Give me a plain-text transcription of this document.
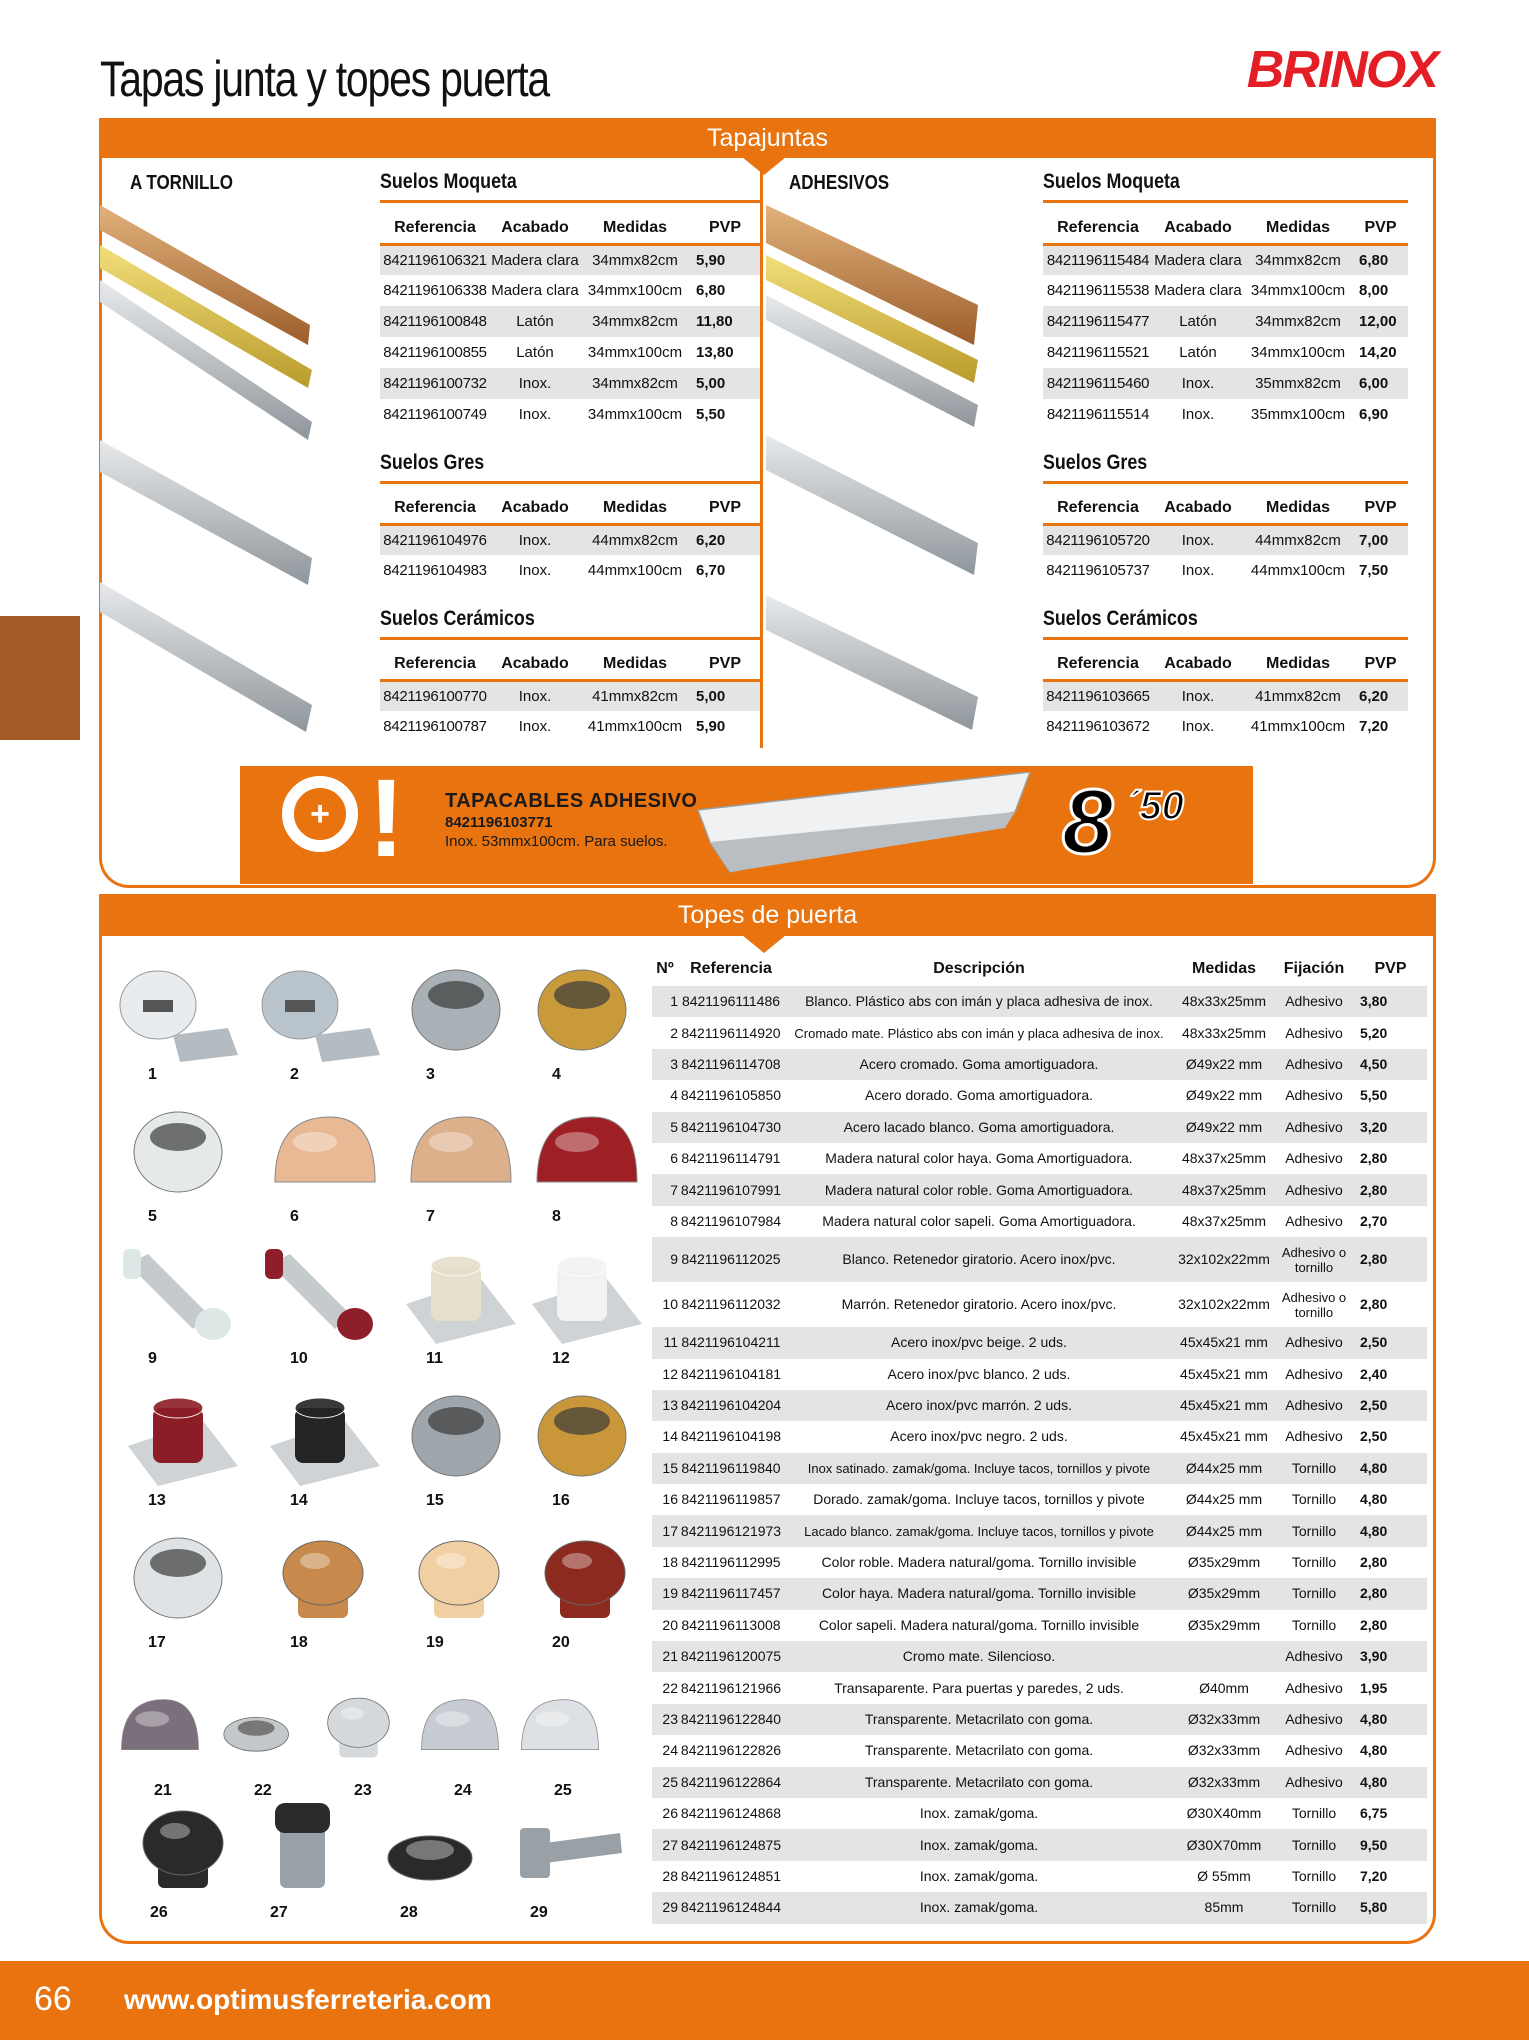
Tapas junta y topes puerta	BRINOX
Tapajuntas
A TORNILLO	ADHESIVOS
Suelos Moqueta
Referencia	Acabado	Medidas	PVP
8421196106321	Madera clara	34mmx82cm	5,90
8421196106338	Madera clara	34mmx100cm	6,80
8421196100848	Latón	34mmx82cm	11,80
8421196100855	Latón	34mmx100cm	13,80
8421196100732	Inox.	34mmx82cm	5,00
8421196100749	Inox.	34mmx100cm	5,50
Suelos Gres
Referencia	Acabado	Medidas	PVP
8421196104976	Inox.	44mmx82cm	6,20
8421196104983	Inox.	44mmx100cm	6,70
Suelos Cerámicos
Referencia	Acabado	Medidas	PVP
8421196100770	Inox.	41mmx82cm	5,00
8421196100787	Inox.	41mmx100cm	5,90
Suelos Moqueta
Referencia	Acabado	Medidas	PVP
8421196115484	Madera clara	34mmx82cm	6,80
8421196115538	Madera clara	34mmx100cm	8,00
8421196115477	Latón	34mmx82cm	12,00
8421196115521	Latón	34mmx100cm	14,20
8421196115460	Inox.	35mmx82cm	6,00
8421196115514	Inox.	35mmx100cm	6,90
Suelos Gres
Referencia	Acabado	Medidas	PVP
8421196105720	Inox.	44mmx82cm	7,00
8421196105737	Inox.	44mmx100cm	7,50
Suelos Cerámicos
Referencia	Acabado	Medidas	PVP
8421196103665	Inox.	41mmx82cm	6,20
8421196103672	Inox.	41mmx100cm	7,20
+ ! TAPACABLES ADHESIVO
8421196103771
Inox. 53mmx100cm. Para suelos.	8 ´50
Topes de puerta
1	2	3	4
5	6	7	8
9	10	11	12
13	14	15	16
17	18	19	20
21	22	23	24	25
26	27	28	29
Nº	Referencia	Descripción	Medidas	Fijación	PVP
1	8421196111486	Blanco. Plástico abs con imán y placa adhesiva de inox.	48x33x25mm	Adhesivo	3,80
2	8421196114920	Cromado mate. Plástico abs con imán y placa adhesiva de inox.	48x33x25mm	Adhesivo	5,20
3	8421196114708	Acero cromado. Goma amortiguadora.	Ø49x22 mm	Adhesivo	4,50
4	8421196105850	Acero dorado. Goma amortiguadora.	Ø49x22 mm	Adhesivo	5,50
5	8421196104730	Acero lacado blanco. Goma amortiguadora.	Ø49x22 mm	Adhesivo	3,20
6	8421196114791	Madera natural color haya. Goma Amortiguadora.	48x37x25mm	Adhesivo	2,80
7	8421196107991	Madera natural color roble. Goma Amortiguadora.	48x37x25mm	Adhesivo	2,80
8	8421196107984	Madera natural color sapeli. Goma Amortiguadora.	48x37x25mm	Adhesivo	2,70
9	8421196112025	Blanco. Retenedor giratorio. Acero inox/pvc.	32x102x22mm	Adhesivo o tornillo	2,80
10	8421196112032	Marrón. Retenedor giratorio. Acero inox/pvc.	32x102x22mm	Adhesivo o tornillo	2,80
11	8421196104211	Acero inox/pvc beige. 2 uds.	45x45x21 mm	Adhesivo	2,50
12	8421196104181	Acero inox/pvc blanco. 2 uds.	45x45x21 mm	Adhesivo	2,40
13	8421196104204	Acero inox/pvc marrón. 2 uds.	45x45x21 mm	Adhesivo	2,50
14	8421196104198	Acero inox/pvc negro. 2 uds.	45x45x21 mm	Adhesivo	2,50
15	8421196119840	Inox satinado. zamak/goma. Incluye tacos, tornillos y pivote	Ø44x25 mm	Tornillo	4,80
16	8421196119857	Dorado. zamak/goma. Incluye tacos, tornillos y pivote	Ø44x25 mm	Tornillo	4,80
17	8421196121973	Lacado blanco. zamak/goma. Incluye tacos, tornillos y pivote	Ø44x25 mm	Tornillo	4,80
18	8421196112995	Color roble. Madera natural/goma. Tornillo invisible	Ø35x29mm	Tornillo	2,80
19	8421196117457	Color haya. Madera natural/goma. Tornillo invisible	Ø35x29mm	Tornillo	2,80
20	8421196113008	Color sapeli. Madera natural/goma. Tornillo invisible	Ø35x29mm	Tornillo	2,80
21	8421196120075	Cromo mate. Silencioso.		Adhesivo	3,90
22	8421196121966	Transaparente. Para puertas y paredes, 2 uds.	Ø40mm	Adhesivo	1,95
23	8421196122840	Transparente. Metacrilato con goma.	Ø32x33mm	Adhesivo	4,80
24	8421196122826	Transparente. Metacrilato con goma.	Ø32x33mm	Adhesivo	4,80
25	8421196122864	Transparente. Metacrilato con goma.	Ø32x33mm	Adhesivo	4,80
26	8421196124868	Inox. zamak/goma.	Ø30X40mm	Tornillo	6,75
27	8421196124875	Inox. zamak/goma.	Ø30X70mm	Tornillo	9,50
28	8421196124851	Inox. zamak/goma.	Ø 55mm	Tornillo	7,20
29	8421196124844	Inox. zamak/goma.	85mm	Tornillo	5,80
66 www.optimusferreteria.com
